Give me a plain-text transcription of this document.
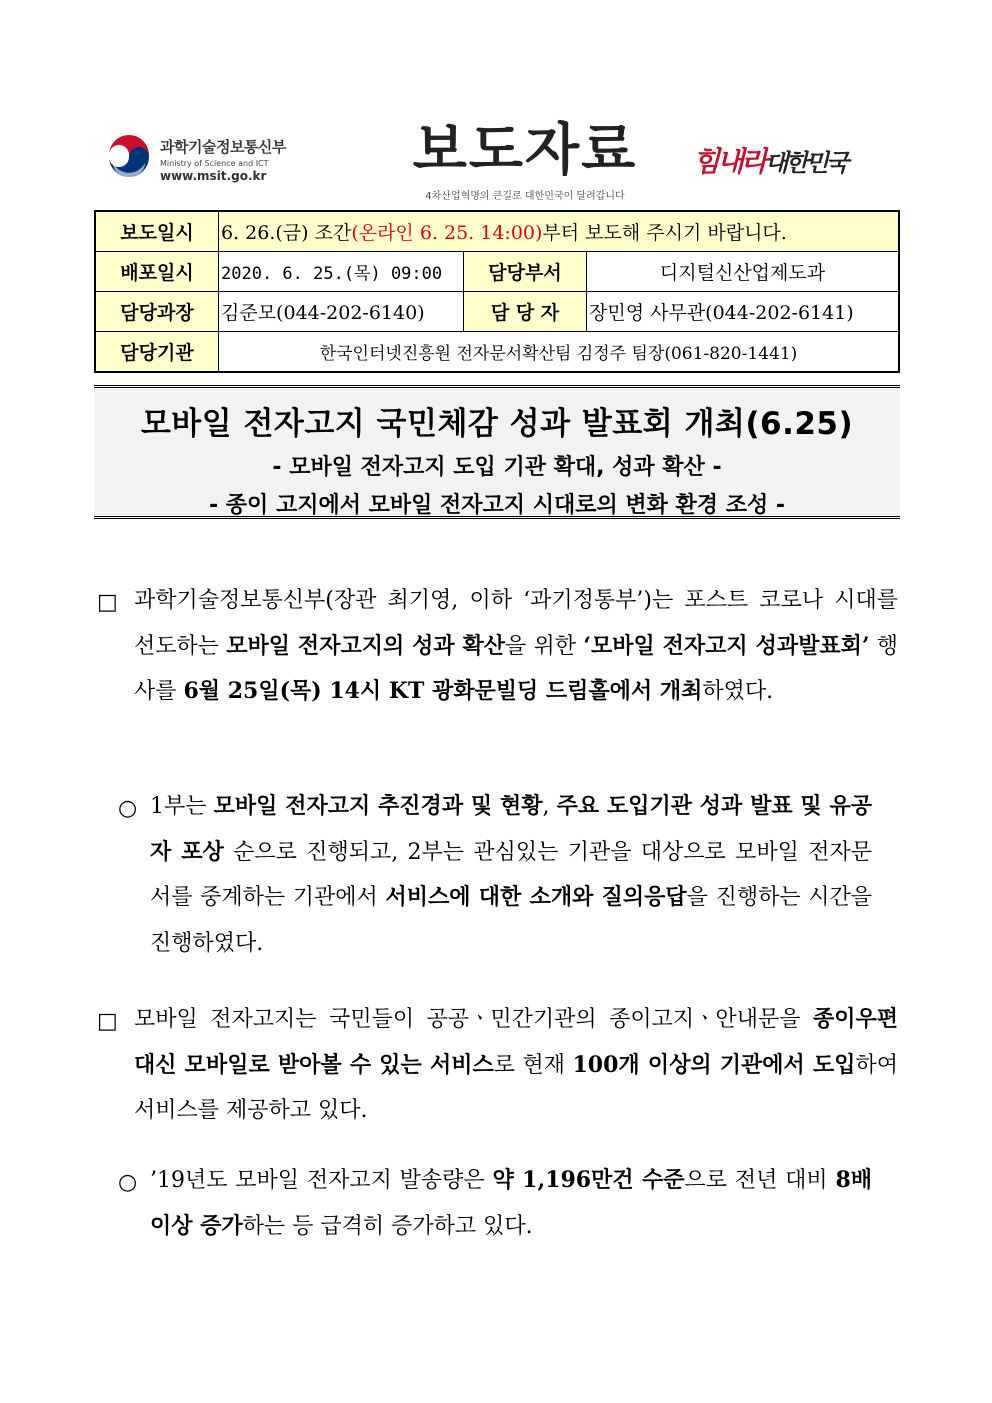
과학기술정보통신부
Ministry of Science and ICT
www.msit.go.kr	보도자료
4차산업혁명의 큰길로 대한민국이 달려갑니다
힘내라대한민국
보도일시	6. 26.(금) 조간(온라인 6. 25. 14:00)부터 보도해 주시기 바랍니다.		
배포일시	2020. 6. 25.(목) 09:00	담당부서	디지털신산업제도과
담당과장	김준모(044-202-6140)	담 당 자	장민영 사무관(044-202-6141)
담당기관	한국인터넷진흥원 전자문서확산팀 김정주 팀장(061-820-1441)		
모바일 전자고지 국민체감 성과 발표회 개최(6.25)
- 모바일 전자고지 도입 기관 확대, 성과 확산 -
- 종이 고지에서 모바일 전자고지 시대로의 변화 환경 조성 -
□ 과학기술정보통신부(장관 최기영, 이하 ‘과기정통부’)는 포스트 코로나 시대를 선도하는 모바일 전자고지의 성과 확산을 위한 ‘모바일 전자고지 성과발표회’ 행사를 6월 25일(목) 14시 KT 광화문빌딩 드림홀에서 개최하였다.
○ 1부는 모바일 전자고지 추진경과 및 현황, 주요 도입기관 성과 발표 및 유공자 포상 순으로 진행되고, 2부는 관심있는 기관을 대상으로 모바일 전자문서를 중계하는 기관에서 서비스에 대한 소개와 질의응답을 진행하는 시간을 진행하였다.
□ 모바일 전자고지는 국민들이 공공ㆍ민간기관의 종이고지ㆍ안내문을 종이우편 대신 모바일로 받아볼 수 있는 서비스로 현재 100개 이상의 기관에서 도입하여 서비스를 제공하고 있다.
○ ’19년도 모바일 전자고지 발송량은 약 1,196만건 수준으로 전년 대비 8배 이상 증가하는 등 급격히 증가하고 있다.
